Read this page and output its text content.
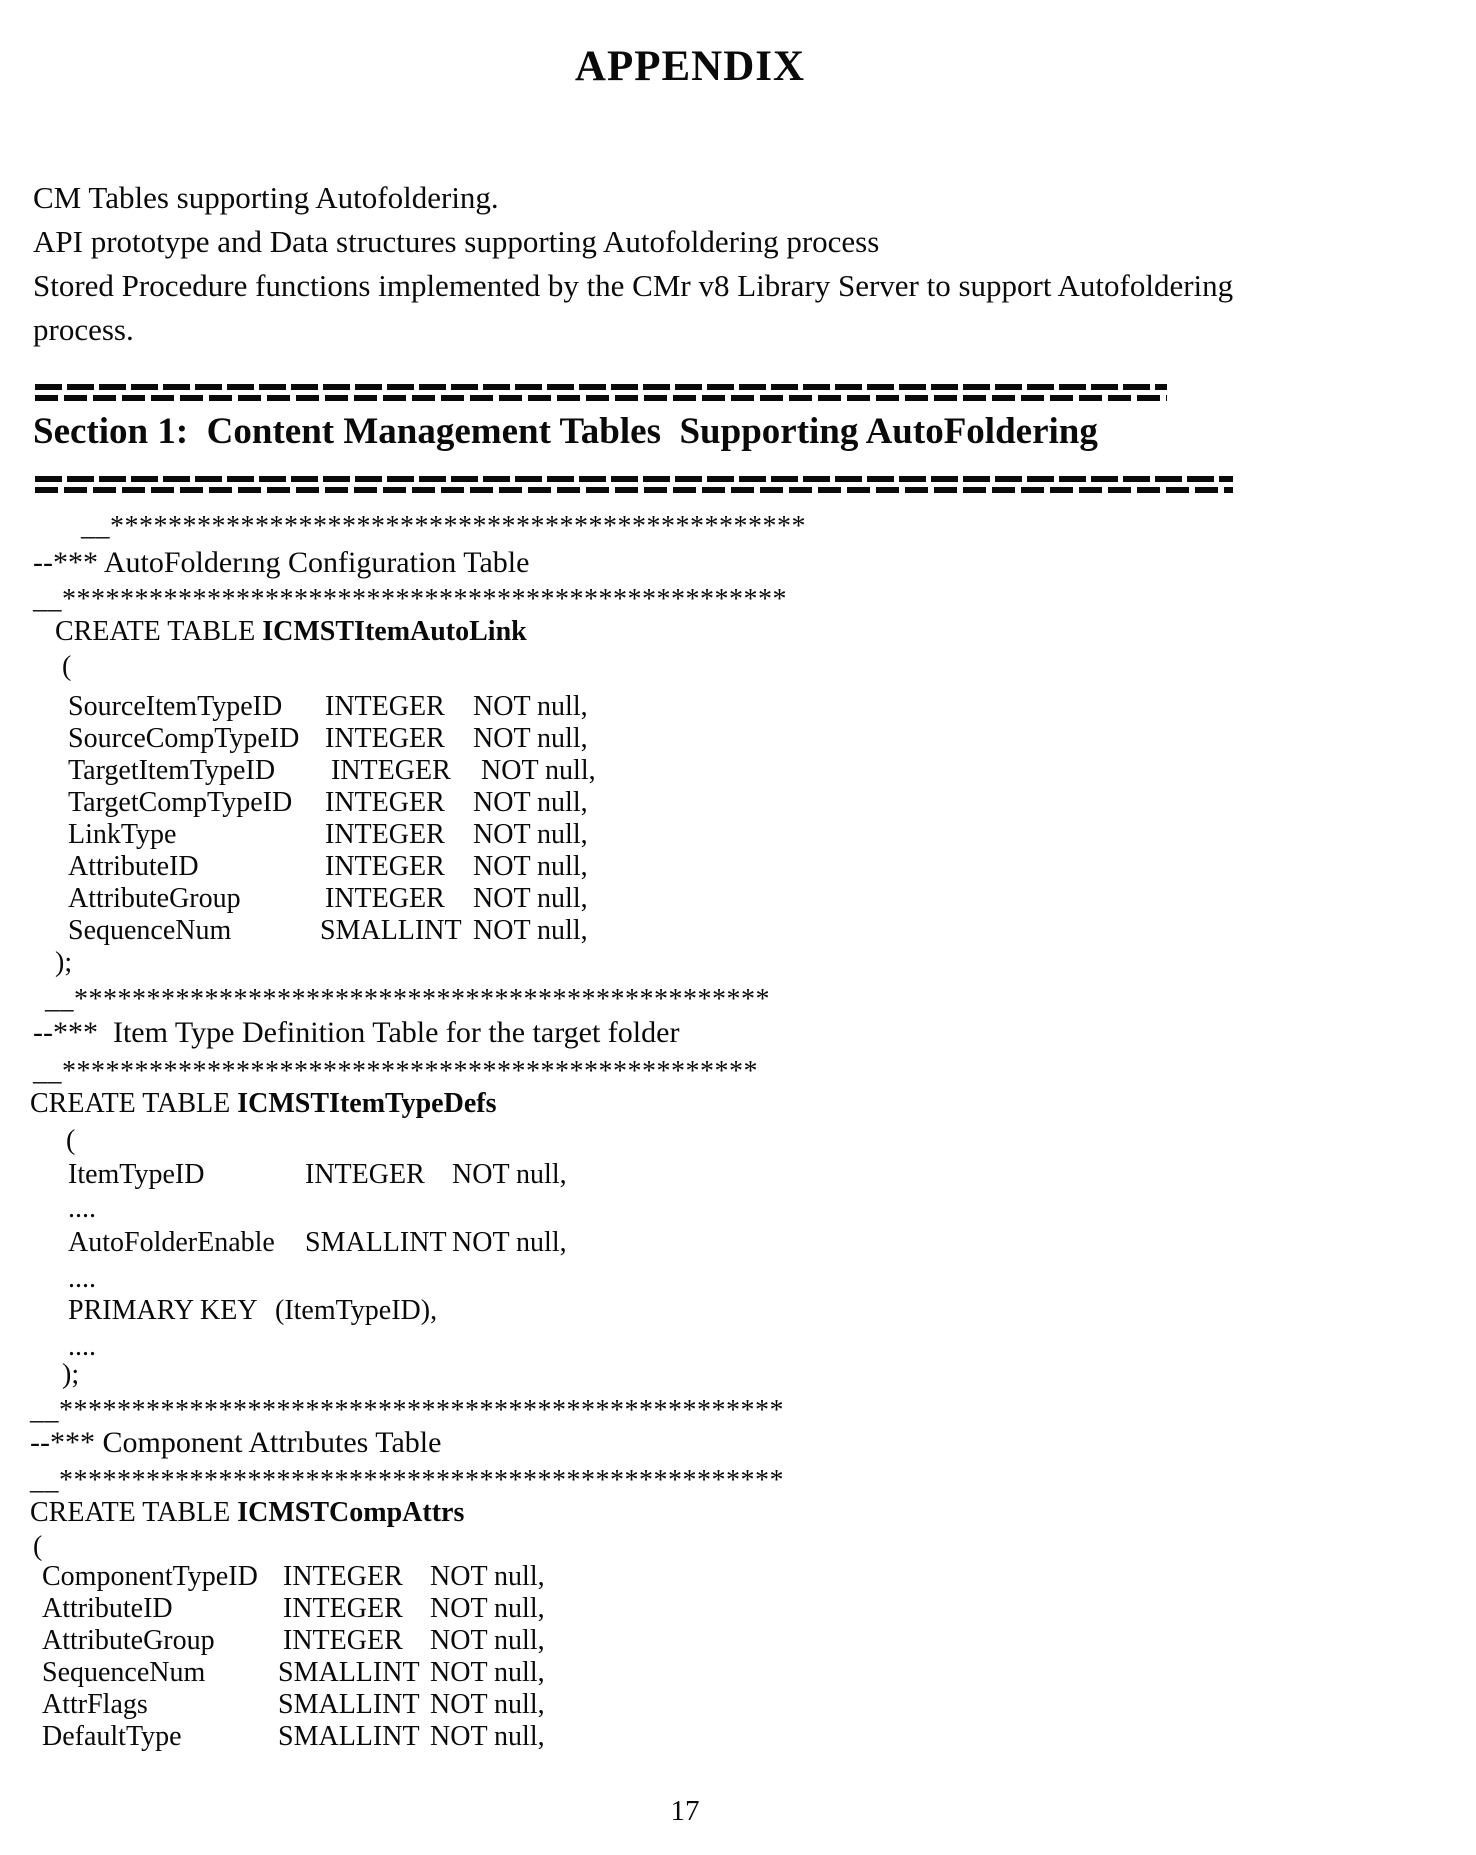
APPENDIX
CM Tables supporting Autofoldering.
API prototype and Data structures supporting Autofoldering process
Stored Procedure functions implemented by the CMr v8 Library Server to support Autofoldering
process.
Section 1:  Content Management Tables  Supporting AutoFoldering
__************************************************
--*** AutoFolderıng Configuration Table
__**************************************************
CREATE TABLE ICMSTItemAutoLink
(
SourceItemTypeID INTEGER NOT null,
SourceCompTypeID INTEGER NOT null,
TargetItemTypeID INTEGER NOT null,
TargetCompTypeID INTEGER NOT null,
LinkType	INTEGER NOT null,
AttributeID	INTEGER NOT null,
AttributeGroup	INTEGER NOT null,
SequenceNum	SMALLINT NOT null,
);
__************************************************
--***  Item Type Definition Table for the target folder
__************************************************
CREATE TABLE ICMSTItemTypeDefs
(
ItemTypeID	INTEGER NOT null,
....
AutoFolderEnable SMALLINT NOT null,
....
PRIMARY KEY (ItemTypeID),
....
);
__**************************************************
--*** Component Attrıbutes Table
__**************************************************
CREATE TABLE ICMSTCompAttrs
(
ComponentTypeID INTEGER NOT null,
AttributeID	INTEGER NOT null,
AttributeGroup INTEGER NOT null,
SequenceNum	SMALLINT NOT null,
AttrFlags	SMALLINT NOT null,
DefaultType	SMALLINT NOT null,
17
